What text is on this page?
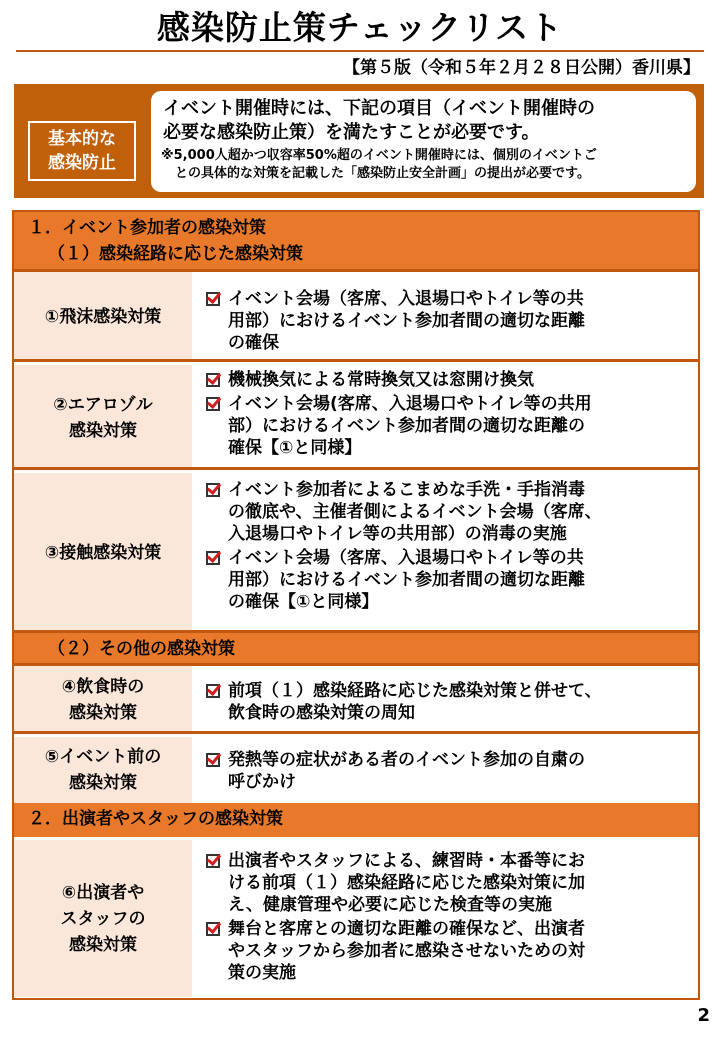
感染防止策チェックリスト
【第５版（令和５年２月２８日公開）香川県】
基本的な
感染防止
イベント開催時には、下記の項目（イベント開催時の
必要な感染防止策）を満たすことが必要です。
※5,000人超かつ収容率50%超のイベント開催時には、個別のイベントご
との具体的な対策を記載した「感染防止安全計画」の提出が必要です。
１．イベント参加者の感染対策
（１）感染経路に応じた感染対策
①飛沫感染対策
イベント会場（客席、入退場口やトイレ等の共
用部）におけるイベント参加者間の適切な距離
の確保
②エアロゾル
感染対策
機械換気による常時換気又は窓開け換気
イベント会場(客席、入退場口やトイレ等の共用
部）におけるイベント参加者間の適切な距離の
確保【①と同様】
③接触感染対策
イベント参加者によるこまめな手洗・手指消毒
の徹底や、主催者側によるイベント会場（客席、
入退場口やトイレ等の共用部）の消毒の実施
イベント会場（客席、入退場口やトイレ等の共
用部）におけるイベント参加者間の適切な距離
の確保【①と同様】
（２）その他の感染対策
④飲食時の
感染対策
前項（１）感染経路に応じた感染対策と併せて、
飲食時の感染対策の周知
⑤イベント前の
感染対策
発熱等の症状がある者のイベント参加の自粛の
呼びかけ
２．出演者やスタッフの感染対策
⑥出演者や
スタッフの
感染対策
出演者やスタッフによる、練習時・本番等にお
ける前項（１）感染経路に応じた感染対策に加
え、健康管理や必要に応じた検査等の実施
舞台と客席との適切な距離の確保など、出演者
やスタッフから参加者に感染させないための対
策の実施
2
